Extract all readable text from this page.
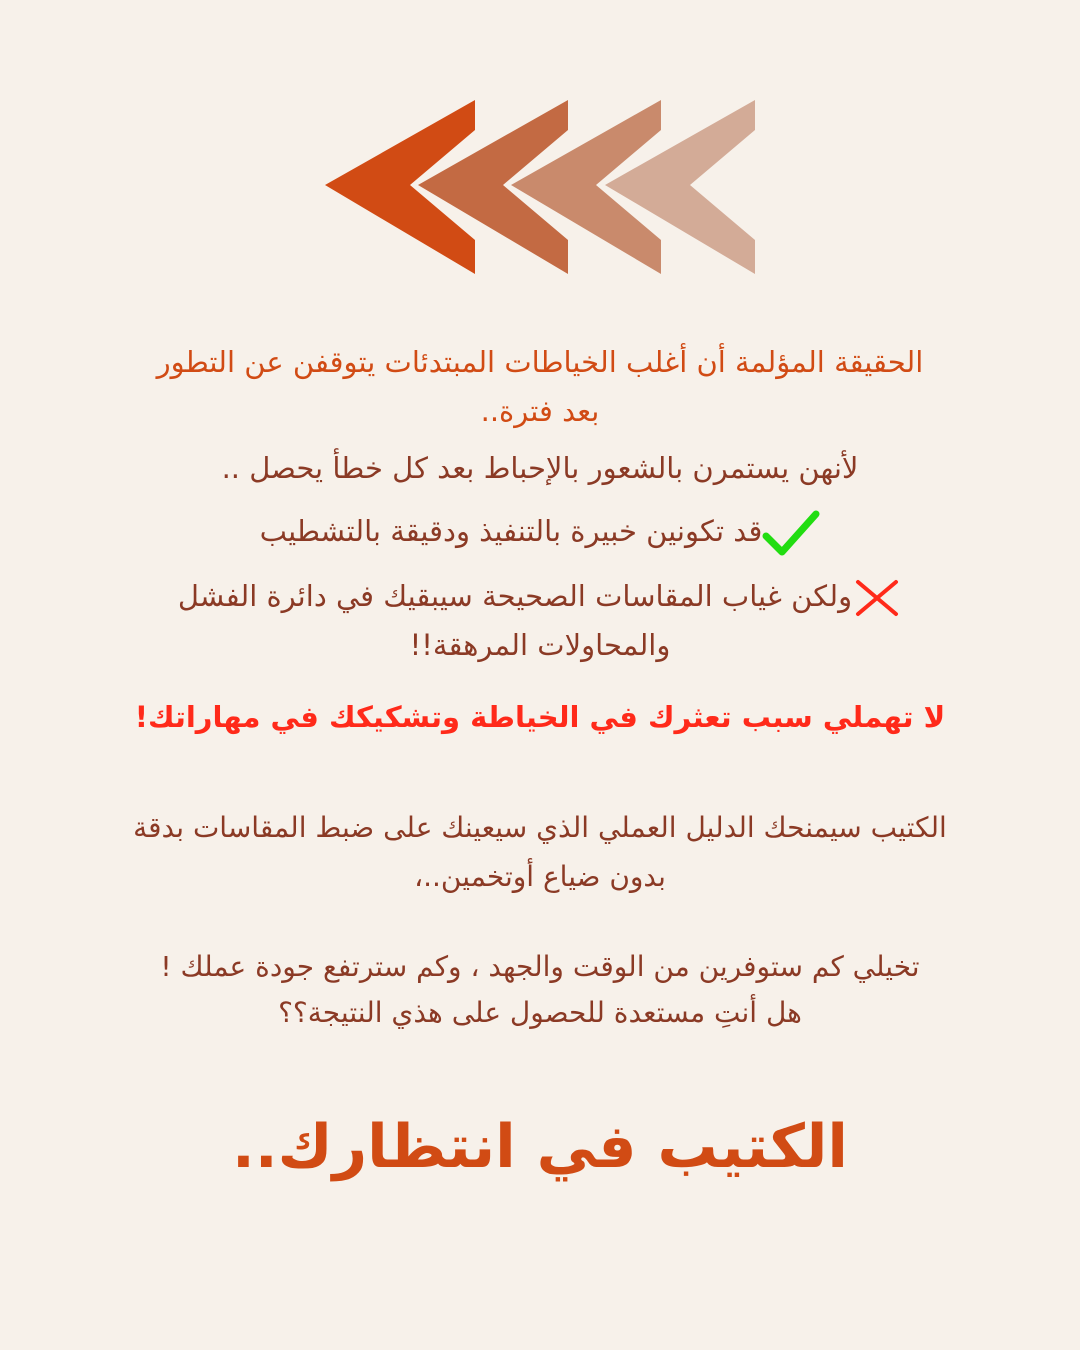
الحقيقة المؤلمة أن أغلب الخياطات المبتدئات يتوقفن عن التطور

بعد فترة..

لأنهن يستمرن بالشعور بالإحباط بعد كل خطأ يحصل ..

قد تكونين خبيرة بالتنفيذ ودقيقة بالتشطيب
ولكن غياب المقاسات الصحيحة سيبقيك في دائرة الفشل

والمحاولات المرهقة!!

لا تهملي سبب تعثرك في الخياطة وتشكيكك في مهاراتك!

الكتيب سيمنحك الدليل العملي الذي سيعينك على ضبط المقاسات بدقة

بدون ضياع أوتخمين..،

تخيلي كم ستوفرين من الوقت والجهد ، وكم سترتفع جودة عملك !

هل أنتِ مستعدة للحصول على هذي النتيجة؟؟

الكتيب في انتظارك..
